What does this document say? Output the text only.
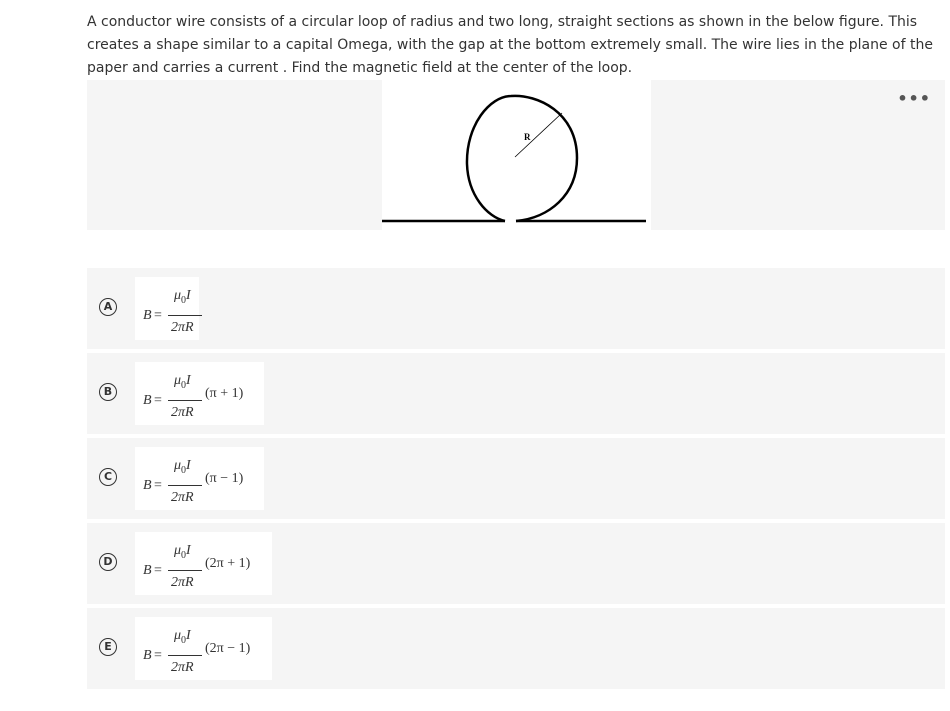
A conductor wire consists of a circular loop of radius and two long, straight sections as shown in the below figure. This creates a shape similar to a capital Omega, with the gap at the bottom extremely small. The wire lies in the plane of the paper and carries a current . Find the magnetic field at the center of the loop.

R
•••
A
B =
$\mu_0I$
2πR
B
B =
$\mu_0I$
2πR
(π + 1)
C
B =
$\mu_0I$
2πR
(π − 1)
D
B =
$\mu_0I$
2πR
(2π + 1)
E
B =
$\mu_0I$
2πR
(2π − 1)
